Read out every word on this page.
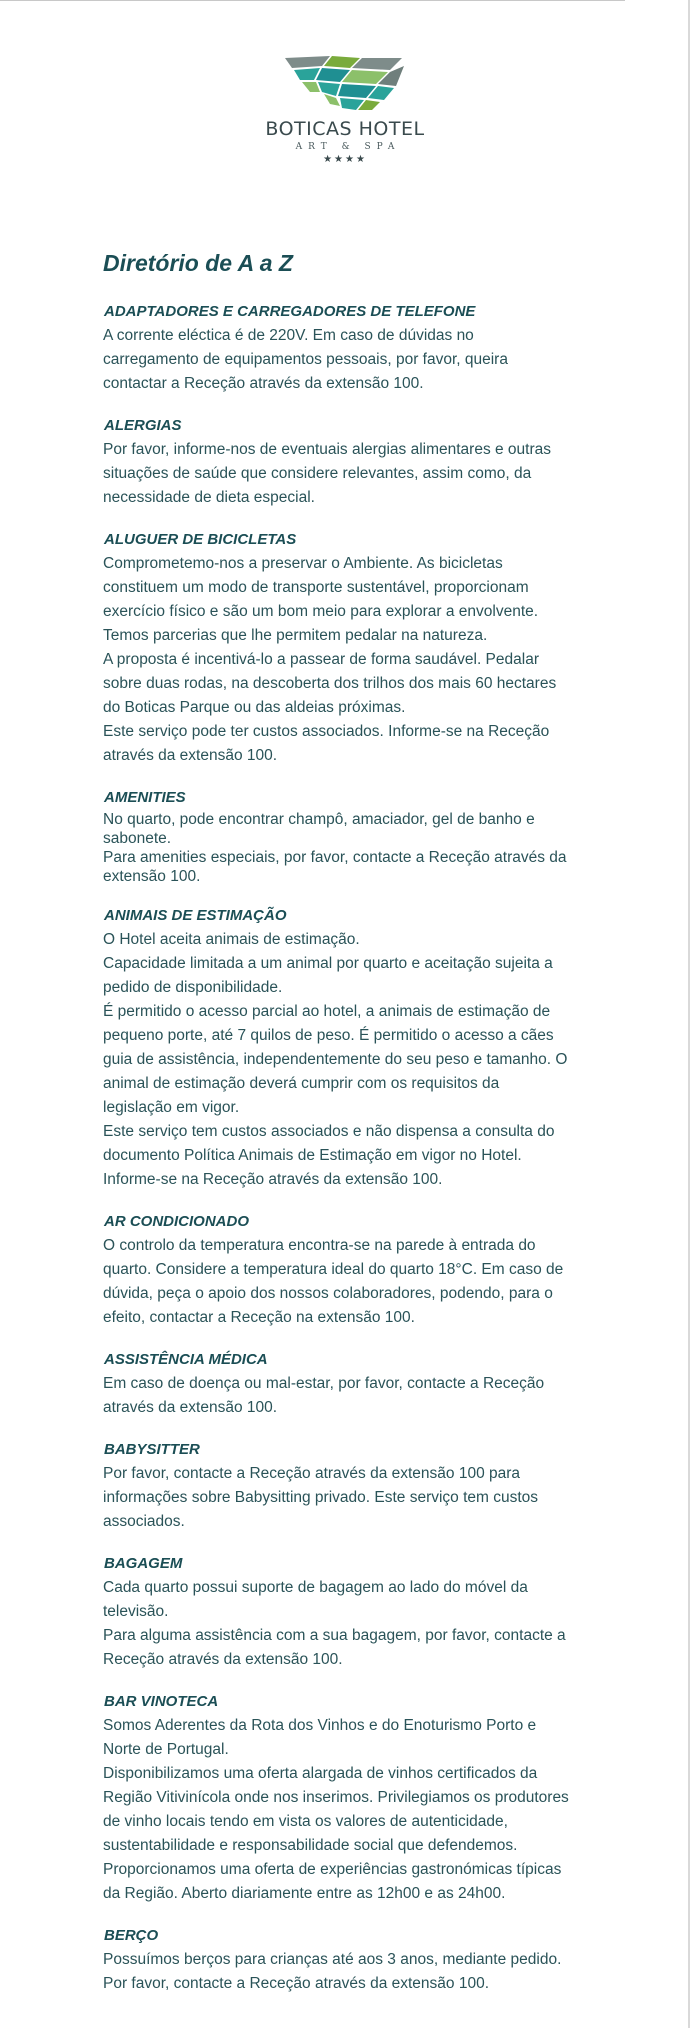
BOTICAS HOTEL
ART & SPA
★★★★
Diretório de A a Z
ADAPTADORES E CARREGADORES DE TELEFONE

A corrente eléctica é de 220V. Em caso de dúvidas no
carregamento de equipamentos pessoais, por favor, queira
contactar a Receção através da extensão 100.

ALERGIAS

Por favor, informe-nos de eventuais alergias alimentares e outras
situações de saúde que considere relevantes, assim como, da
necessidade de dieta especial.

ALUGUER DE BICICLETAS

Comprometemo-nos a preservar o Ambiente. As bicicletas
constituem um modo de transporte sustentável, proporcionam
exercício físico e são um bom meio para explorar a envolvente.
Temos parcerias que lhe permitem pedalar na natureza.
A proposta é incentivá-lo a passear de forma saudável. Pedalar
sobre duas rodas, na descoberta dos trilhos dos mais 60 hectares
do Boticas Parque ou das aldeias próximas.
Este serviço pode ter custos associados. Informe-se na Receção
através da extensão 100.

AMENITIES

No quarto, pode encontrar champô, amaciador, gel de banho e
sabonete.
Para amenities especiais, por favor, contacte a Receção através da
extensão 100.

ANIMAIS DE ESTIMAÇÃO

O Hotel aceita animais de estimação.
Capacidade limitada a um animal por quarto e aceitação sujeita a
pedido de disponibilidade.
É permitido o acesso parcial ao hotel, a animais de estimação de
pequeno porte, até 7 quilos de peso. É permitido o acesso a cães
guia de assistência, independentemente do seu peso e tamanho. O
animal de estimação deverá cumprir com os requisitos da
legislação em vigor.
Este serviço tem custos associados e não dispensa a consulta do
documento Política Animais de Estimação em vigor no Hotel.
Informe-se na Receção através da extensão 100.

AR CONDICIONADO

O controlo da temperatura encontra-se na parede à entrada do
quarto. Considere a temperatura ideal do quarto 18°C. Em caso de
dúvida, peça o apoio dos nossos colaboradores, podendo, para o
efeito, contactar a Receção na extensão 100.

ASSISTÊNCIA MÉDICA

Em caso de doença ou mal-estar, por favor, contacte a Receção
através da extensão 100.

BABYSITTER

Por favor, contacte a Receção através da extensão 100 para
informações sobre Babysitting privado. Este serviço tem custos
associados.

BAGAGEM

Cada quarto possui suporte de bagagem ao lado do móvel da
televisão.
Para alguma assistência com a sua bagagem, por favor, contacte a
Receção através da extensão 100.

BAR VINOTECA

Somos Aderentes da Rota dos Vinhos e do Enoturismo Porto e
Norte de Portugal.
Disponibilizamos uma oferta alargada de vinhos certificados da
Região Vitivinícola onde nos inserimos. Privilegiamos os produtores
de vinho locais tendo em vista os valores de autenticidade,
sustentabilidade e responsabilidade social que defendemos.
Proporcionamos uma oferta de experiências gastronómicas típicas
da Região. Aberto diariamente entre as 12h00 e as 24h00.

BERÇO

Possuímos berços para crianças até aos 3 anos, mediante pedido.
Por favor, contacte a Receção através da extensão 100.
